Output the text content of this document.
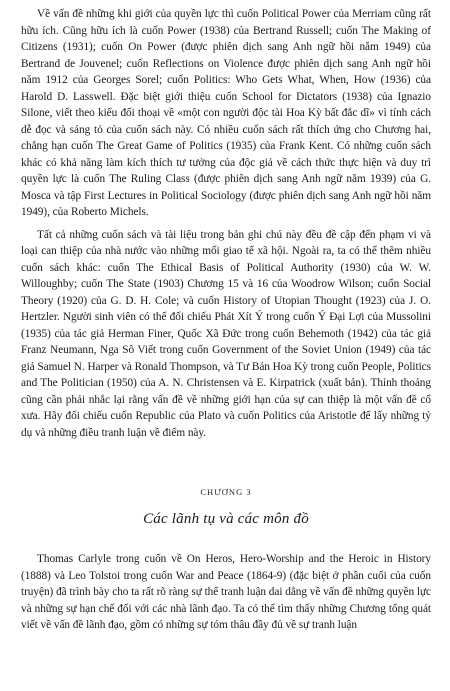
Về vấn đề những khi giới của quyền lực thì cuốn Political Power của Merriam cũng rất hữu ích. Cũng hữu ích là cuốn Power (1938) của Bertrand Russell; cuốn The Making of Citizens (1931); cuốn On Power (được phiên dịch sang Anh ngữ hồi năm 1949) của Bertrand de Jouvenel; cuốn Reflections on Violence được phiên dịch sang Anh ngữ hồi năm 1912 của Georges Sorel; cuốn Politics: Who Gets What, When, How (1936) của Harold D. Lasswell. Đặc biệt giới thiệu cuốn School for Dictators (1938) của Ignazio Silone, viết theo kiểu đối thoại về «một con người độc tài Hoa Kỳ bất đắc dĩ» vì tính cách dễ đọc và sáng tỏ của cuốn sách này. Có nhiều cuốn sách rất thích ứng cho Chương hai, chẳng hạn cuốn The Great Game of Politics (1935) của Frank Kent. Có những cuốn sách khác có khả năng làm kích thích tư tưởng của độc giả về cách thức thực hiện và duy trì quyền lực là cuốn The Ruling Class (được phiên dịch sang Anh ngữ năm 1939) của G. Mosca và tập First Lectures in Political Sociology (được phiên dịch sang Anh ngữ hồi năm 1949), của Roberto Michels.

Tất cả những cuốn sách và tài liệu trong bản ghi chú này đều đề cập đến phạm vi và loại can thiệp của nhà nước vào những mối giao tế xã hội. Ngoài ra, ta có thể thêm nhiều cuốn sách khác: cuốn The Ethical Basis of Political Authority (1930) của W. W. Willoughby; cuốn The State (1903) Chương 15 và 16 của Woodrow Wilson; cuốn Social Theory (1920) của G. D. H. Cole; và cuốn History of Utopian Thought (1923) của J. O. Hertzler. Người sinh viên có thể đối chiếu Phát Xít Ý trong cuốn Ý Đại Lợi của Mussolini (1935) của tác giả Herman Finer, Quốc Xã Đức trong cuốn Behemoth (1942) của tác giả Franz Neumann, Nga Sô Viết trong cuốn Government of the Soviet Union (1949) của tác giả Samuel N. Harper và Ronald Thompson, và Tư Bản Hoa Kỳ trong cuốn People, Politics and The Politician (1950) của A. N. Christensen và E. Kirpatrick (xuất bản). Thỉnh thoảng cũng cần phải nhắc lại rằng vấn đề về những giới hạn của sự can thiệp là một vấn đề cổ xưa. Hãy đối chiếu cuốn Republic của Plato và cuốn Politics của Aristotle để lấy những tỷ dụ và những điều tranh luận về điểm này.

CHƯƠNG 3
Các lãnh tụ và các môn đồ

Thomas Carlyle trong cuốn về On Heros, Hero-Worship and the Heroic in History (1888) và Leo Tolstoi trong cuốn War and Peace (1864-9) (đặc biệt ở phần cuối của cuốn truyện) đã trình bày cho ta rất rõ ràng sự thể tranh luận dai dẳng về vấn đề những quyền lực và những sự hạn chế đối với các nhà lãnh đạo. Ta có thể tìm thấy những Chương tổng quát viết về vấn đề lãnh đạo, gồm có những sự tóm thâu đầy đủ về sự tranh luận
